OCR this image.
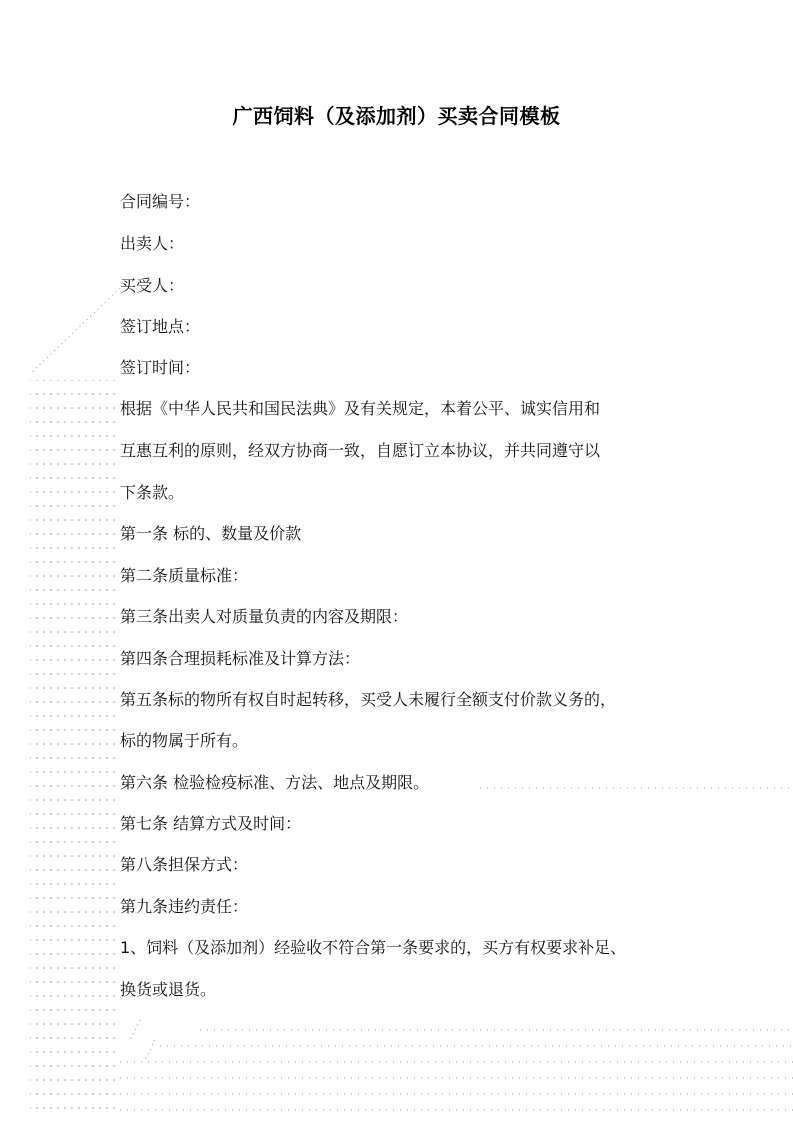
广西饲料（及添加剂）买卖合同模板
合同编号：
出卖人：
买受人：
签订地点：
签订时间：
根据《中华人民共和国民法典》及有关规定，本着公平、诚实信用和
互惠互利的原则，经双方协商一致，自愿订立本协议，并共同遵守以
下条款。
第一条 标的、数量及价款
第二条质量标准：
第三条出卖人对质量负责的内容及期限：
第四条合理损耗标准及计算方法：
第五条标的物所有权自时起转移，买受人未履行全额支付价款义务的，
标的物属于所有。
第六条 检验检疫标准、方法、地点及期限。
第七条 结算方式及时间：
第八条担保方式：
第九条违约责任：
1、饲料（及添加剂）经验收不符合第一条要求的，买方有权要求补足、
换货或退货。
